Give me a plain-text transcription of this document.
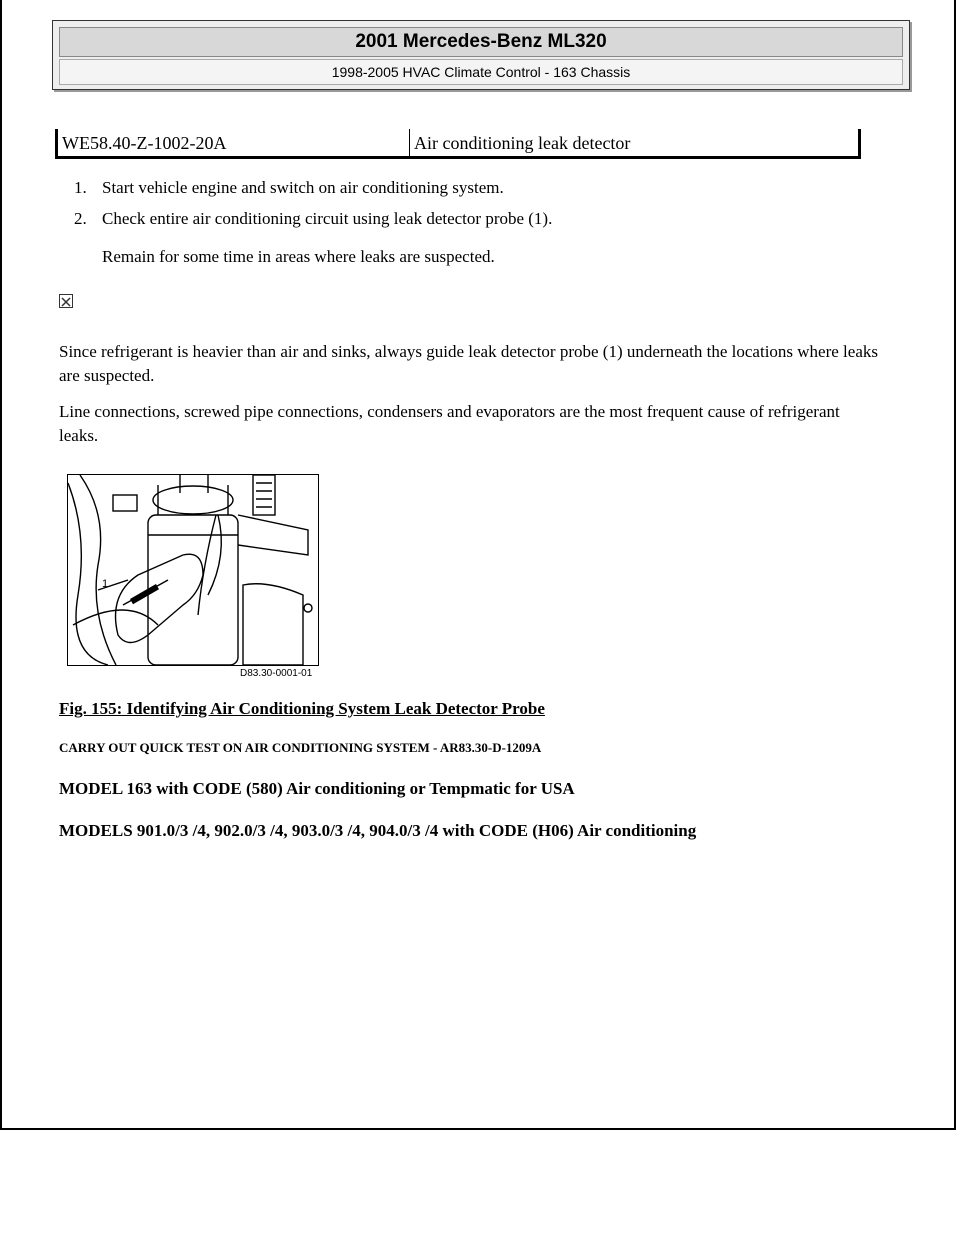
2001 Mercedes-Benz ML320
1998-2005 HVAC Climate Control - 163 Chassis
WE58.40-Z-1002-20A	Air conditioning leak detector
1. Start vehicle engine and switch on air conditioning system.
2. Check entire air conditioning circuit using leak detector probe (1).
Remain for some time in areas where leaks are suspected.
Since refrigerant is heavier than air and sinks, always guide leak detector probe (1) underneath the locations where leaks are suspected.
Line connections, screwed pipe connections, condensers and evaporators are the most frequent cause of refrigerant leaks.
1
D83.30-0001-01
Fig. 155: Identifying Air Conditioning System Leak Detector Probe
CARRY OUT QUICK TEST ON AIR CONDITIONING SYSTEM - AR83.30-D-1209A
MODEL 163 with CODE (580) Air conditioning or Tempmatic for USA
MODELS 901.0/3 /4, 902.0/3 /4, 903.0/3 /4, 904.0/3 /4 with CODE (H06) Air conditioning
